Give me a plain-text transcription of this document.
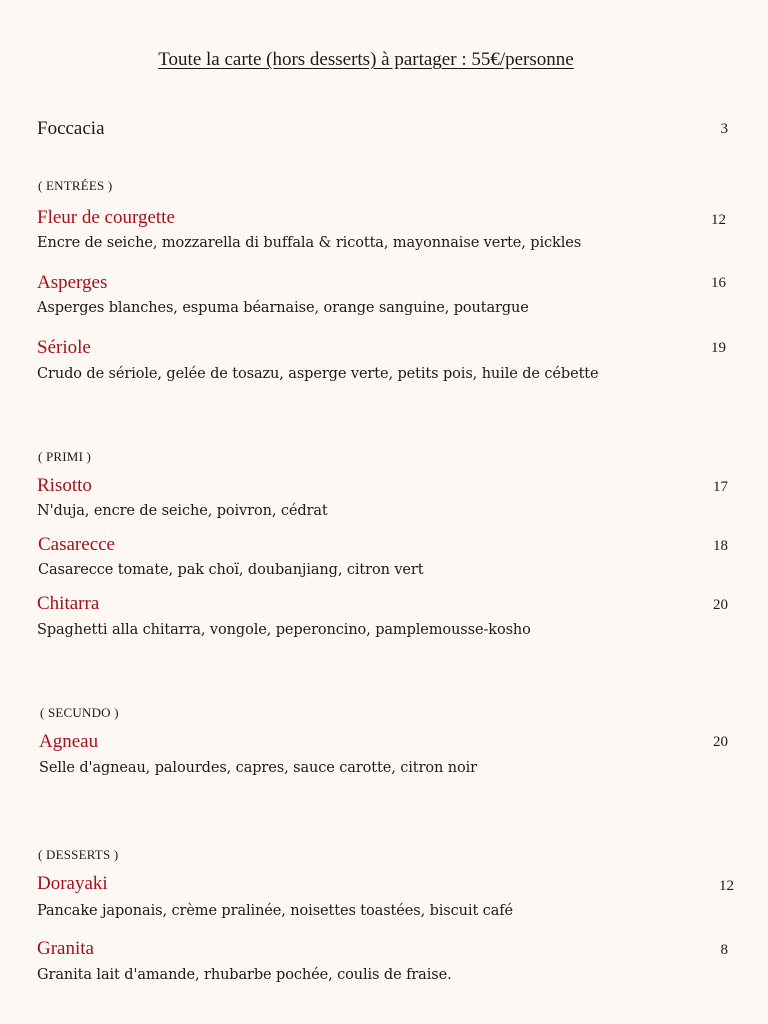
Toute la carte (hors desserts) à partager : 55€/personne
Foccacia	3
( ENTRÉES )
Fleur de courgette	12
Encre de seiche, mozzarella di buffala & ricotta, mayonnaise verte, pickles
Asperges	16
Asperges blanches, espuma béarnaise, orange sanguine, poutargue
Sériole	19
Crudo de sériole, gelée de tosazu, asperge verte, petits pois, huile de cébette
( PRIMI )
Risotto	17
N'duja, encre de seiche, poivron, cédrat
Casarecce	18
Casarecce tomate, pak choï, doubanjiang, citron vert
Chitarra	20
Spaghetti alla chitarra, vongole, peperoncino, pamplemousse-kosho
( SECUNDO )
Agneau	20
Selle d'agneau, palourdes, capres, sauce carotte, citron noir
( DESSERTS )
Dorayaki	12
Pancake japonais, crème pralinée, noisettes toastées, biscuit café
Granita	8
Granita lait d'amande, rhubarbe pochée, coulis de fraise.
